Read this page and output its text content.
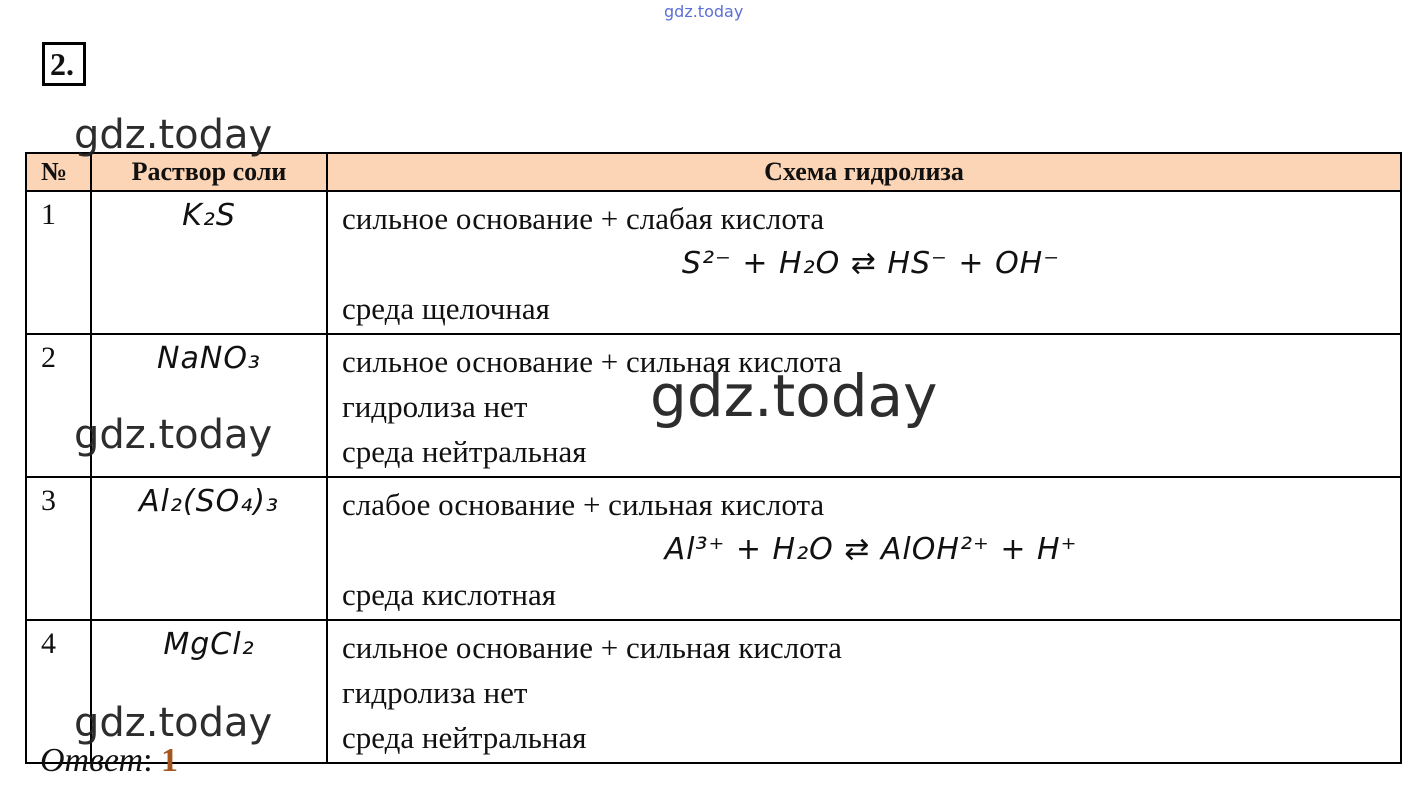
gdz.today
2.
№	Раствор соли	Схема гидролиза
1	K₂S	сильное основание + слабая кислота
S²⁻ + H₂O ⇄ HS⁻ + OH⁻
среда щелочная

2	NaNO₃	сильное основание + сильная кислота
гидролиза нет
среда нейтральная

3	Al₂(SO₄)₃	слабое основание + сильная кислота
Al³⁺ + H₂O ⇄ AlOH²⁺ + H⁺
среда кислотная

4	MgCl₂	сильное основание + сильная кислота
гидролиза нет
среда нейтральная
gdz.today
gdz.today
gdz.today
gdz.today
Ответ: 1
